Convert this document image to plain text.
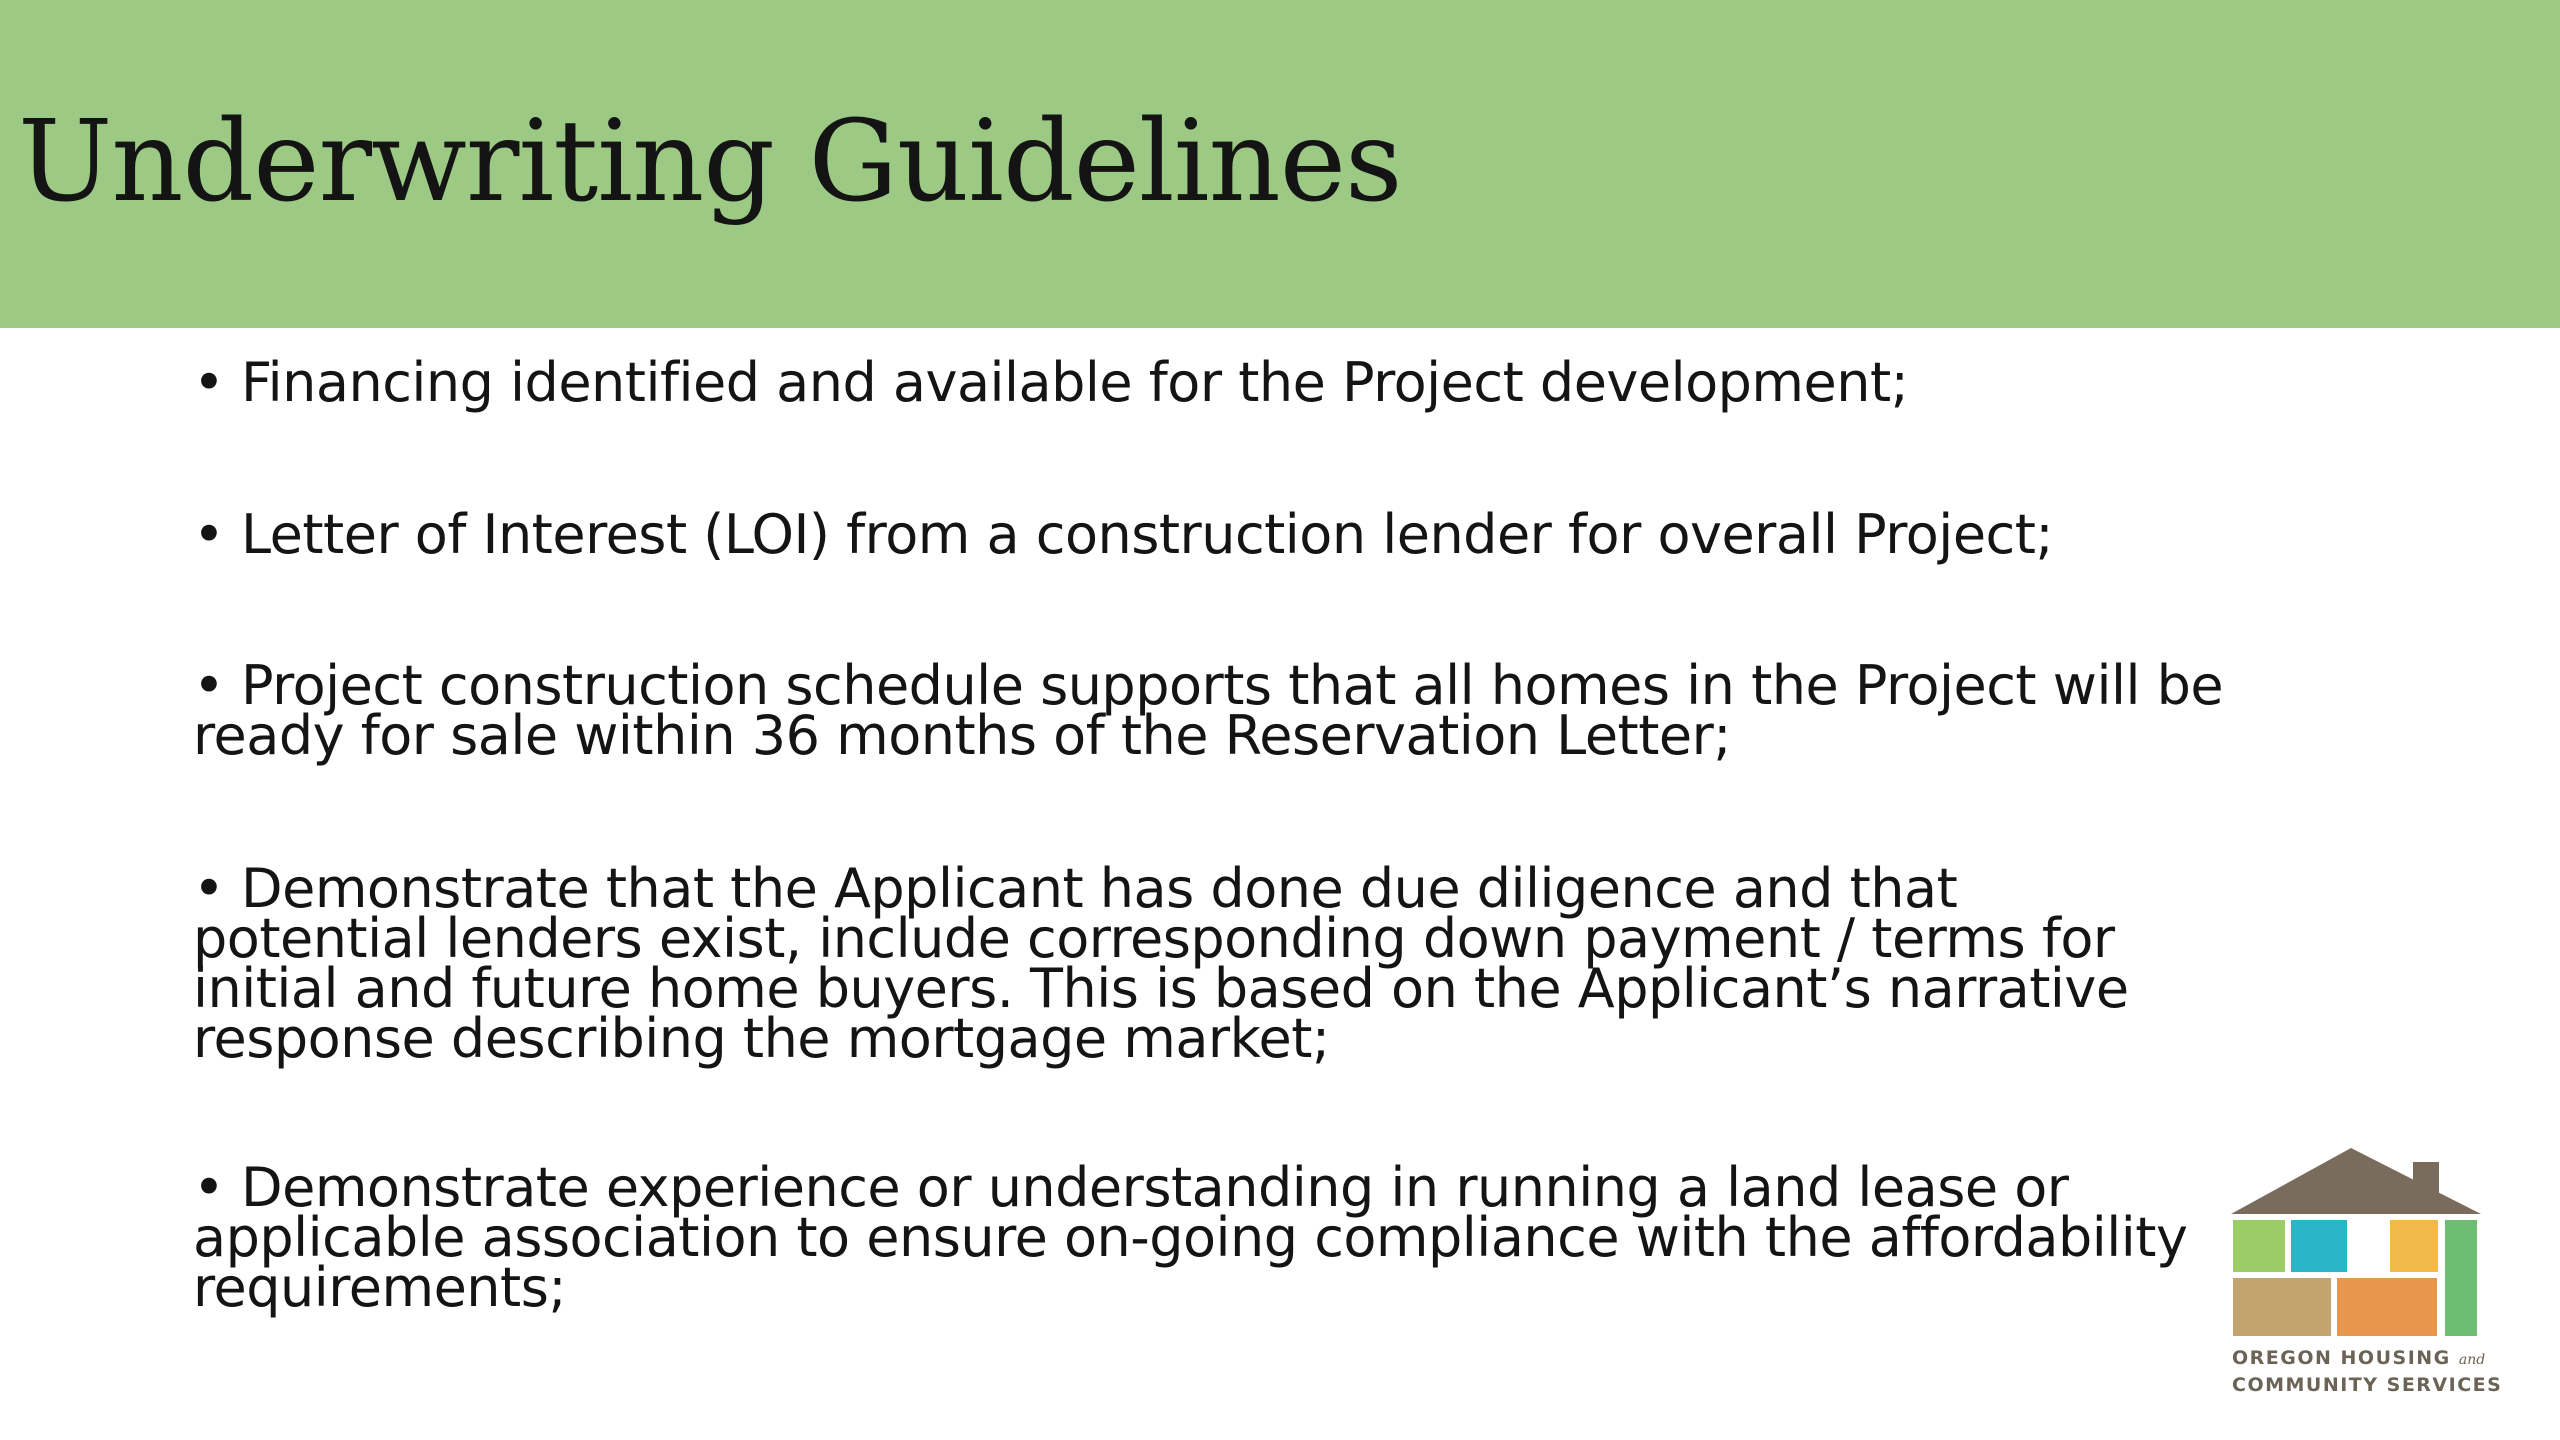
Underwriting Guidelines
• Financing identified and available for the Project development;
• Letter of Interest (LOI) from a construction lender for overall Project;
• Project construction schedule supports that all homes in the Project will be
ready for sale within 36 months of the Reservation Letter;
• Demonstrate that the Applicant has done due diligence and that
potential lenders exist, include corresponding down payment / terms for
initial and future home buyers. This is based on the Applicant’s narrative
response describing the mortgage market;
• Demonstrate experience or understanding in running a land lease or
applicable association to ensure on-going compliance with the affordability
requirements;
OREGON HOUSING and
COMMUNITY SERVICES
